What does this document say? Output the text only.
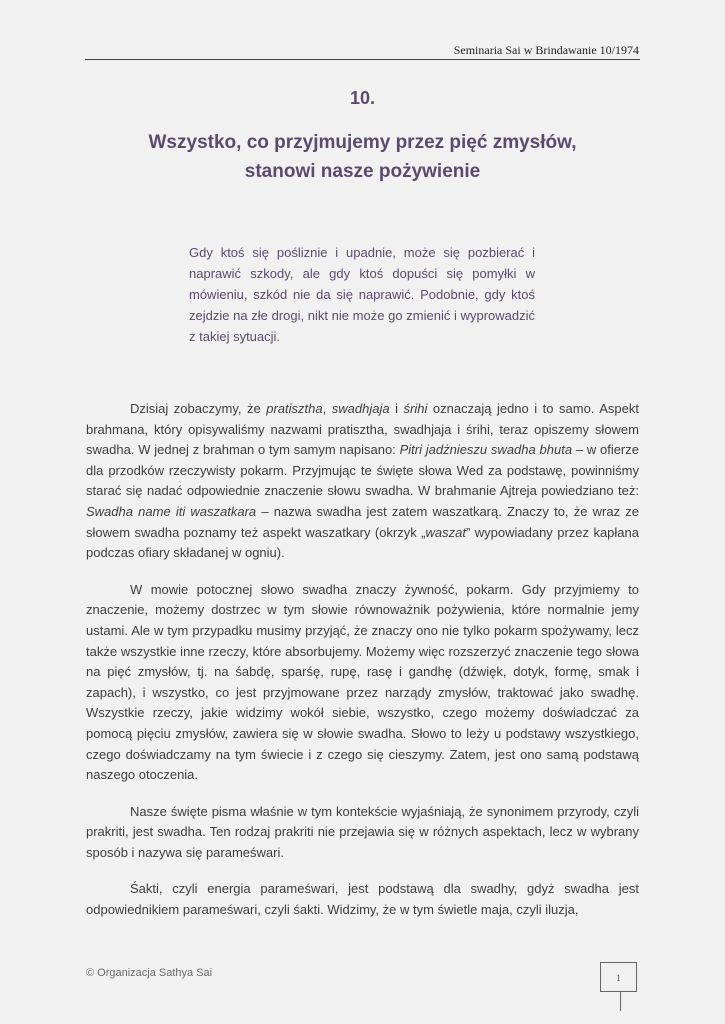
Seminaria Sai w Brindawanie 10/1974
10.
Wszystko, co przyjmujemy przez pięć zmysłów,
stanowi nasze pożywienie

Gdy ktoś się pośliznie i upadnie, może się pozbierać i naprawić szkody, ale gdy ktoś dopuści się pomyłki w mówieniu, szkód nie da się naprawić. Podobnie, gdy ktoś zejdzie na złe drogi, nikt nie może go zmienić i wyprowadzić z takiej sytuacji.

Dzisiaj zobaczymy, że pratisztha, swadhjaja i śrihi oznaczają jedno i to samo. Aspekt brahmana, który opisywaliśmy nazwami pratisztha, swadhjaja i śrihi, teraz opiszemy słowem swadha. W jednej z brahman o tym samym napisano: Pitri jadżnieszu swadha bhuta – w ofierze dla przodków rzeczywisty pokarm. Przyjmując te święte słowa Wed za podstawę, powinniśmy starać się nadać odpowiednie znaczenie słowu swadha. W brahmanie Ajtreja powiedziano też: Swadha name iti waszatkara – nazwa swadha jest zatem waszatkarą. Znaczy to, że wraz ze słowem swadha poznamy też aspekt waszatkary (okrzyk „waszat” wypowiadany przez kapłana podczas ofiary składanej w ogniu).

W mowie potocznej słowo swadha znaczy żywność, pokarm. Gdy przyjmiemy to znaczenie, możemy dostrzec w tym słowie równoważnik pożywienia, które normalnie jemy ustami. Ale w tym przypadku musimy przyjąć, że znaczy ono nie tylko pokarm spożywamy, lecz także wszystkie inne rzeczy, które absorbujemy. Możemy więc rozszerzyć znaczenie tego słowa na pięć zmysłów, tj. na śabdę, sparśę, rupę, rasę i gandhę (dźwięk, dotyk, formę, smak i zapach), i wszystko, co jest przyjmowane przez narządy zmysłów, traktować jako swadhę. Wszystkie rzeczy, jakie widzimy wokół siebie, wszystko, czego możemy doświadczać za pomocą pięciu zmysłów, zawiera się w słowie swadha. Słowo to leży u podstawy wszystkiego, czego doświadczamy na tym świecie i z czego się cieszymy. Zatem, jest ono samą podstawą naszego otoczenia.

Nasze święte pisma właśnie w tym kontekście wyjaśniają, że synonimem przyrody, czyli prakriti, jest swadha. Ten rodzaj prakriti nie przejawia się w różnych aspektach, lecz w wybrany sposób i nazywa się parameśwari.

Śakti, czyli energia parameśwari, jest podstawą dla swadhy, gdyż swadha jest odpowiednikiem parameśwari, czyli śakti. Widzimy, że w tym świetle maja, czyli iluzja,

© Organizacja Sathya Sai	1
